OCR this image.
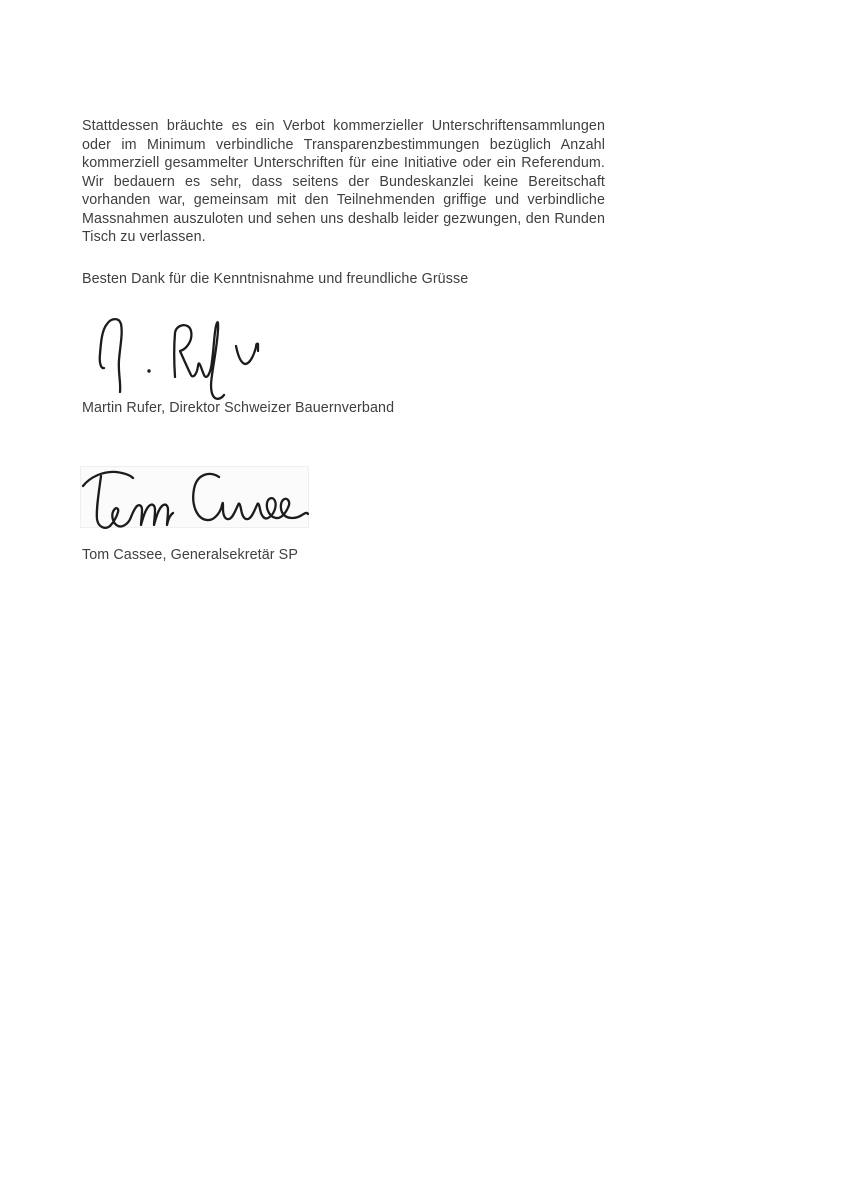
Stattdessen bräuchte es ein Verbot kommerzieller Unterschriftensammlungen
oder im Minimum verbindliche Transparenzbestimmungen bezüglich Anzahl
kommerziell gesammelter Unterschriften für eine Initiative oder ein Referendum.
Wir bedauern es sehr, dass seitens der Bundeskanzlei keine Bereitschaft
vorhanden war, gemeinsam mit den Teilnehmenden griffige und verbindliche
Massnahmen auszuloten und sehen uns deshalb leider gezwungen, den Runden
Tisch zu verlassen.
Besten Dank für die Kenntnisnahme und freundliche Grüsse
Martin Rufer, Direktor Schweizer Bauernverband
Tom Cassee, Generalsekretär SP
